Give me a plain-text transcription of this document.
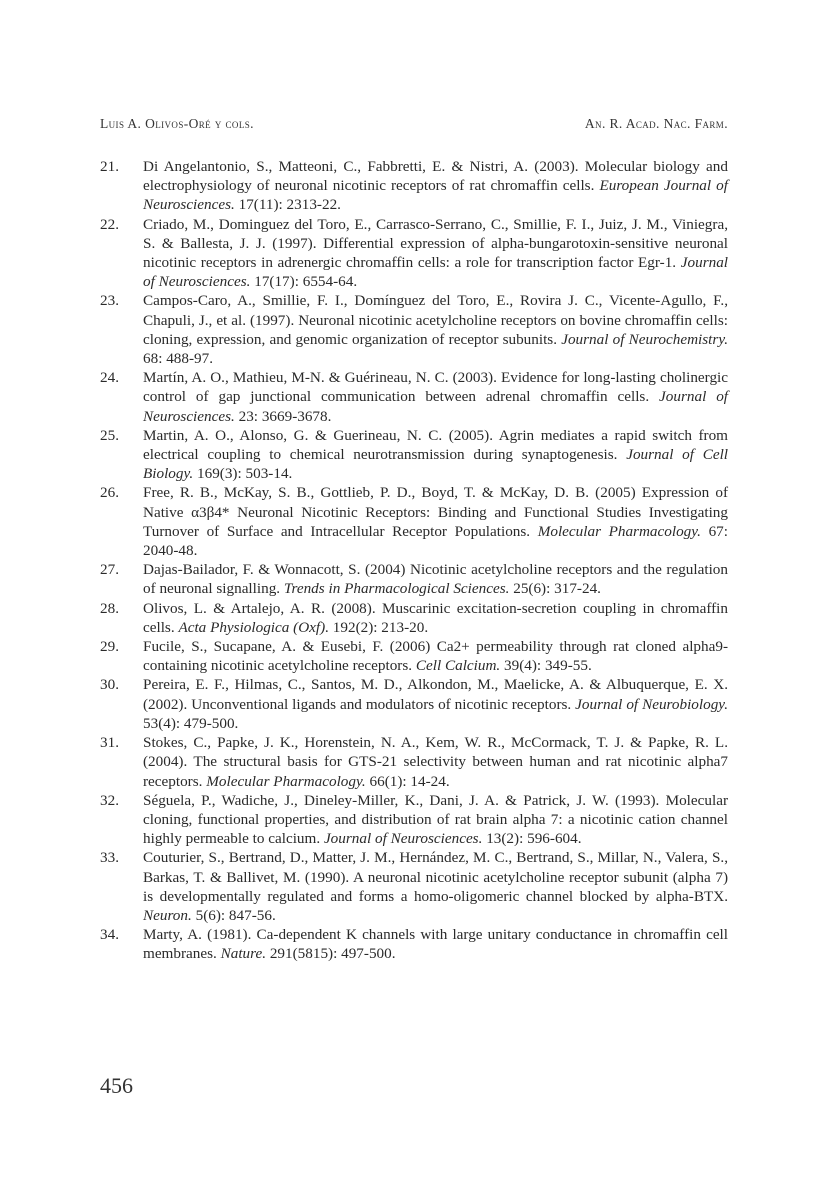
Luis A. Olivos-Oré y cols.	An. R. Acad. Nac. Farm.
21.	Di Angelantonio, S., Matteoni, C., Fabbretti, E. & Nistri, A. (2003). Molecular biology and electrophysiology of neuronal nicotinic receptors of rat chromaffin cells. European Journal of Neurosciences. 17(11): 2313-22.
22.	Criado, M., Dominguez del Toro, E., Carrasco-Serrano, C., Smillie, F. I., Juiz, J. M., Viniegra, S. & Ballesta, J. J. (1997). Differential expression of alpha-bungarotoxin-sensitive neuronal nicotinic receptors in adrenergic chromaffin cells: a role for transcription factor Egr-1. Journal of Neurosciences. 17(17): 6554-64.
23.	Campos-Caro, A., Smillie, F. I., Domínguez del Toro, E., Rovira J. C., Vicente-Agullo, F., Chapuli, J., et al. (1997). Neuronal nicotinic acetylcholine receptors on bovine chromaffin cells: cloning, expression, and genomic organization of receptor subunits. Journal of Neurochemistry. 68: 488-97.
24.	Martín, A. O., Mathieu, M-N. & Guérineau, N. C. (2003). Evidence for long-lasting cholinergic control of gap junctional communication between adrenal chromaffin cells. Journal of Neurosciences. 23: 3669-3678.
25.	Martin, A. O., Alonso, G. & Guerineau, N. C. (2005). Agrin mediates a rapid switch from electrical coupling to chemical neurotransmission during synaptogenesis. Journal of Cell Biology. 169(3): 503-14.
26.	Free, R. B., McKay, S. B., Gottlieb, P. D., Boyd, T. & McKay, D. B. (2005) Expression of Native α3β4* Neuronal Nicotinic Receptors: Binding and Functional Studies Investigating Turnover of Surface and Intracellular Receptor Populations. Molecular Pharmacology. 67: 2040-48.
27.	Dajas-Bailador, F. & Wonnacott, S. (2004) Nicotinic acetylcholine receptors and the regulation of neuronal signalling. Trends in Pharmacological Sciences. 25(6): 317-24.
28.	Olivos, L. & Artalejo, A. R. (2008). Muscarinic excitation-secretion coupling in chromaffin cells. Acta Physiologica (Oxf). 192(2): 213-20.
29.	Fucile, S., Sucapane, A. & Eusebi, F. (2006) Ca2+ permeability through rat cloned alpha9-containing nicotinic acetylcholine receptors. Cell Calcium. 39(4): 349-55.
30.	Pereira, E. F., Hilmas, C., Santos, M. D., Alkondon, M., Maelicke, A. & Albuquerque, E. X. (2002). Unconventional ligands and modulators of nicotinic receptors. Journal of Neurobiology. 53(4): 479-500.
31.	Stokes, C., Papke, J. K., Horenstein, N. A., Kem, W. R., McCormack, T. J. & Papke, R. L. (2004). The structural basis for GTS-21 selectivity between human and rat nicotinic alpha7 receptors. Molecular Pharmacology. 66(1): 14-24.
32.	Séguela, P., Wadiche, J., Dineley-Miller, K., Dani, J. A. & Patrick, J. W. (1993). Molecular cloning, functional properties, and distribution of rat brain alpha 7: a nicotinic cation channel highly permeable to calcium. Journal of Neurosciences. 13(2): 596-604.
33.	Couturier, S., Bertrand, D., Matter, J. M., Hernández, M. C., Bertrand, S., Millar, N., Valera, S., Barkas, T. & Ballivet, M. (1990). A neuronal nicotinic acetylcholine receptor subunit (alpha 7) is developmentally regulated and forms a homo-oligomeric channel blocked by alpha-BTX. Neuron. 5(6): 847-56.
34.	Marty, A. (1981). Ca-dependent K channels with large unitary conductance in chromaffin cell membranes. Nature. 291(5815): 497-500.
456
